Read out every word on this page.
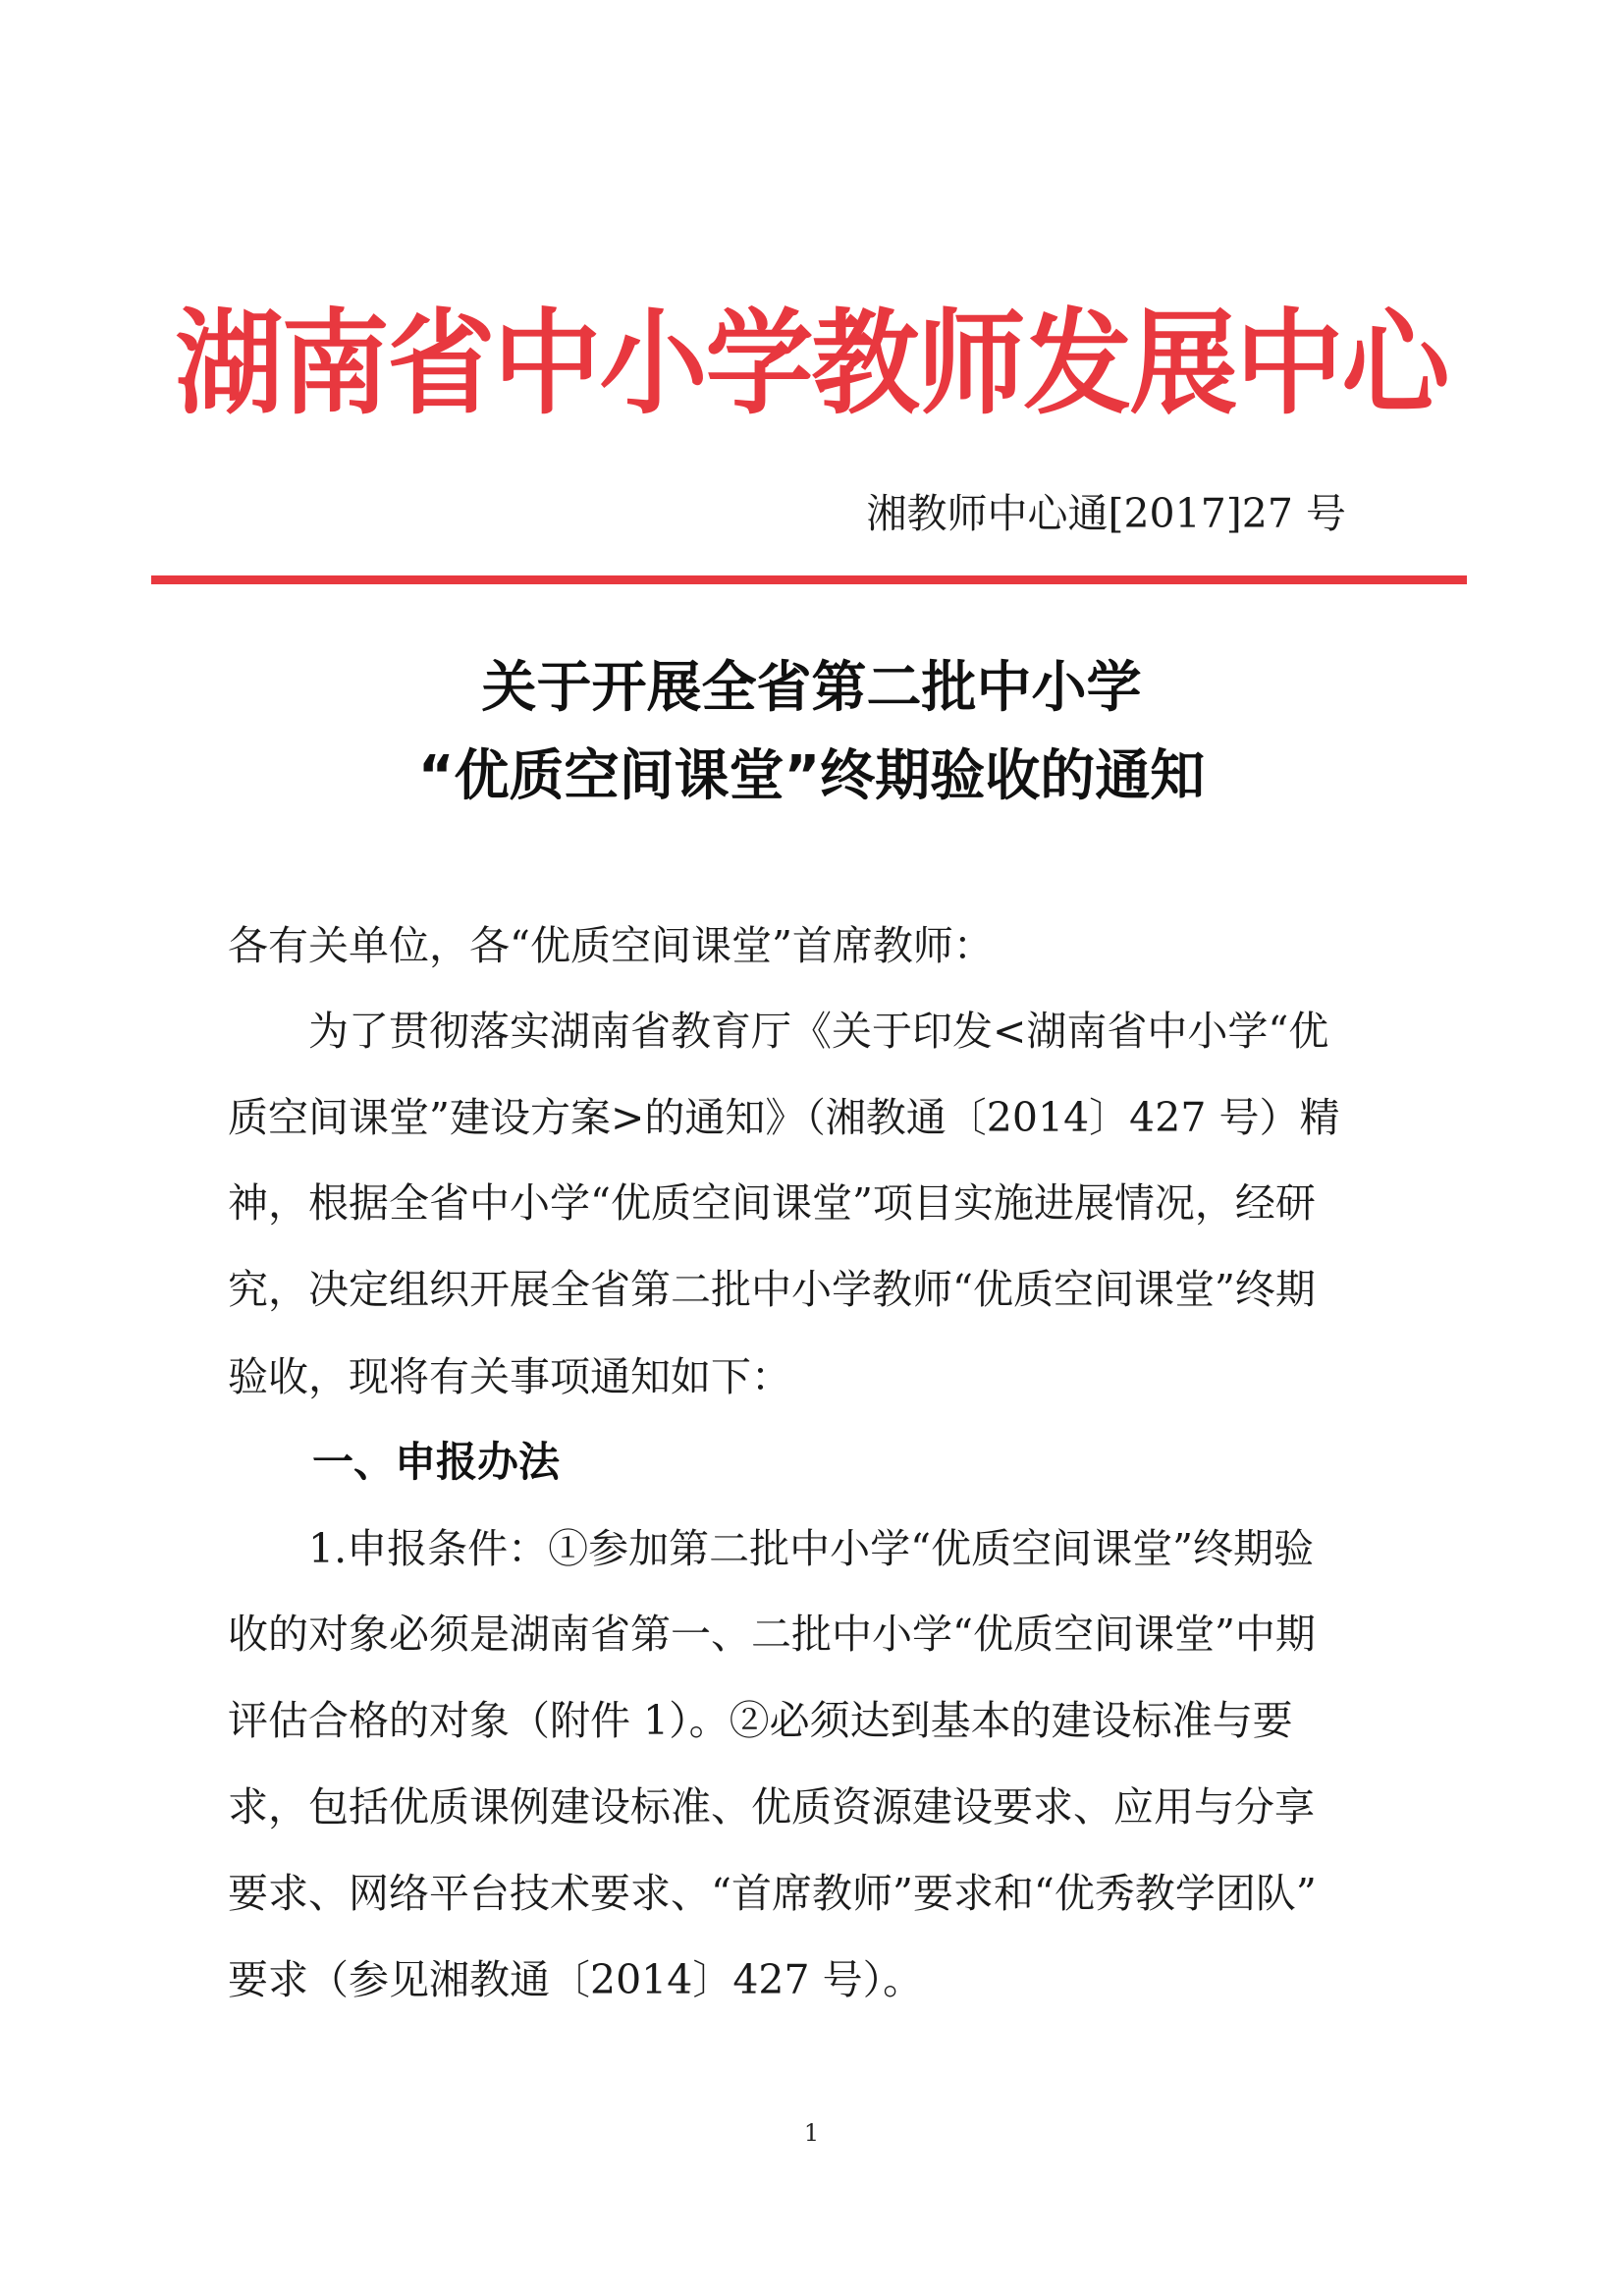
湖南省中小学教师发展中心
湘教师中心通[2017]27 号
关于开展全省第二批中小学
“优质空间课堂”终期验收的通知
各有关单位，各“优质空间课堂”首席教师：
　　为了贯彻落实湖南省教育厅《关于印发<湖南省中小学“优
质空间课堂”建设方案>的通知》（湘教通〔2014〕427 号）精
神，根据全省中小学“优质空间课堂”项目实施进展情况，经研
究，决定组织开展全省第二批中小学教师“优质空间课堂”终期
验收，现将有关事项通知如下：
一、申报办法
　　1.申报条件：①参加第二批中小学“优质空间课堂”终期验
收的对象必须是湖南省第一、二批中小学“优质空间课堂”中期
评估合格的对象（附件 1）。②必须达到基本的建设标准与要
求，包括优质课例建设标准、优质资源建设要求、应用与分享
要求、网络平台技术要求、“首席教师”要求和“优秀教学团队”
要求（参见湘教通〔2014〕427 号）。
1
